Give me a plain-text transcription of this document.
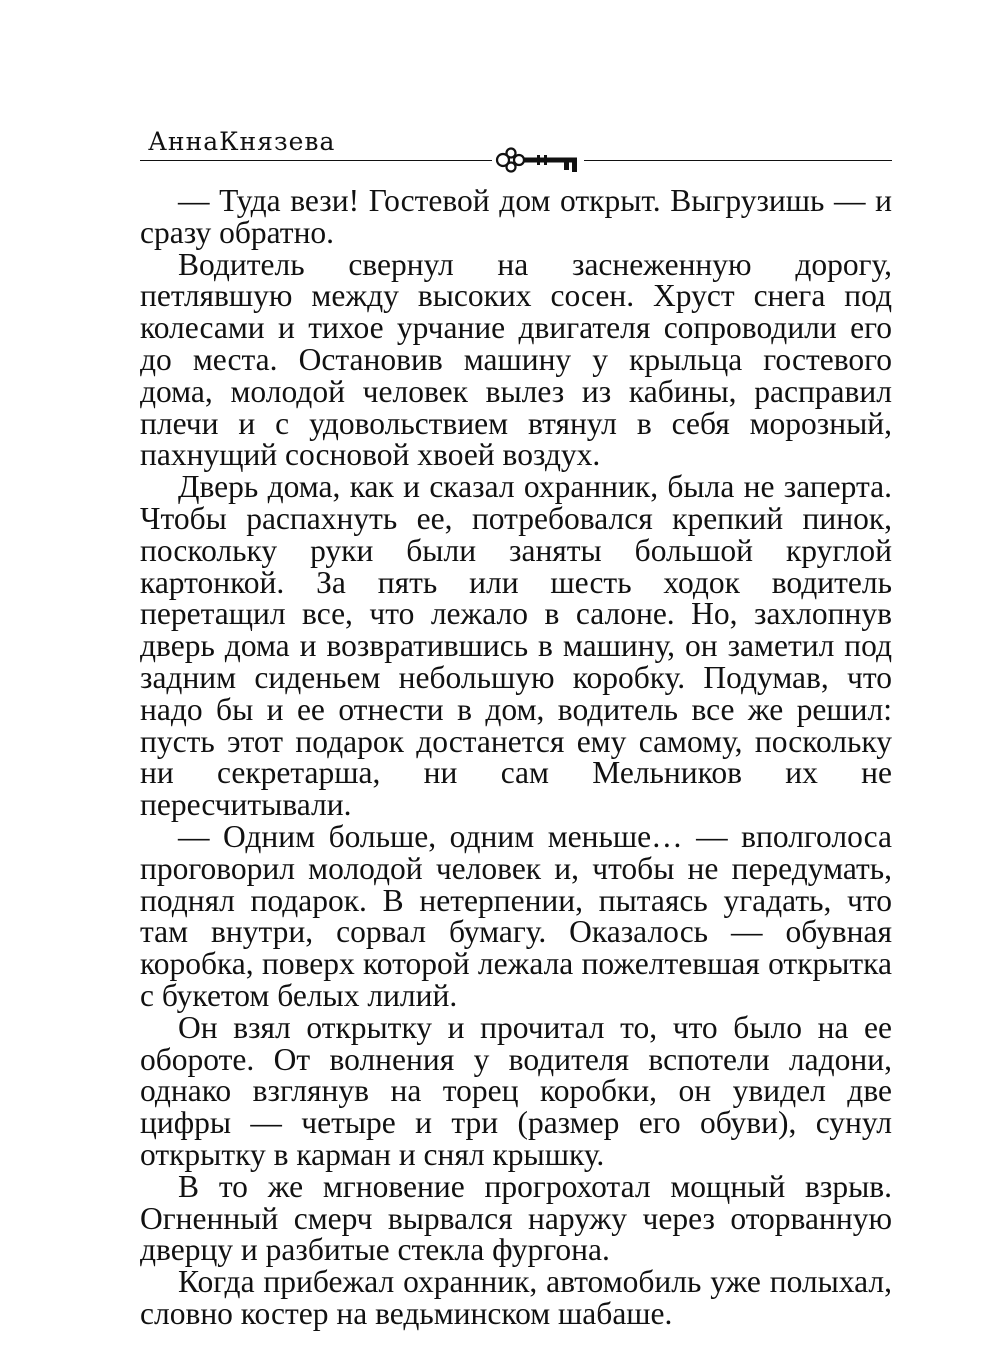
АннаКнязева

— Туда вези! Гостевой дом открыт. Выгрузишь — и сразу обратно.

Водитель свернул на заснеженную дорогу, петлявшую между высоких сосен. Хруст снега под колесами и тихое урчание двигателя сопроводили его до места. Остановив машину у крыльца гостевого дома, молодой человек вылез из кабины, расправил плечи и с удовольствием втянул в себя морозный, пахнущий сосновой хвоей воздух.

Дверь дома, как и сказал охранник, была не заперта. Чтобы распахнуть ее, потребовался крепкий пинок, поскольку руки были заняты большой круглой картонкой. За пять или шесть ходок водитель перетащил все, что лежало в салоне. Но, захлопнув дверь дома и возвратившись в машину, он заметил под задним сиденьем небольшую коробку. Подумав, что надо бы и ее отнести в дом, водитель все же решил: пусть этот подарок достанется ему самому, поскольку ни секретарша, ни сам Мельников их не пересчитывали.

— Одним больше, одним меньше… — вполголоса проговорил молодой человек и, чтобы не передумать, поднял подарок. В нетерпении, пытаясь угадать, что там внутри, сорвал бумагу. Оказалось — обувная коробка, поверх которой лежала пожелтевшая открытка с букетом белых лилий.

Он взял открытку и прочитал то, что было на ее обороте. От волнения у водителя вспотели ладони, однако взглянув на торец коробки, он увидел две цифры — четыре и три (размер его обуви), сунул открытку в карман и снял крышку.

В то же мгновение прогрохотал мощный взрыв. Огненный смерч вырвался наружу через оторванную дверцу и разбитые стекла фургона.

Когда прибежал охранник, автомобиль уже полыхал, словно костер на ведьминском шабаше.
